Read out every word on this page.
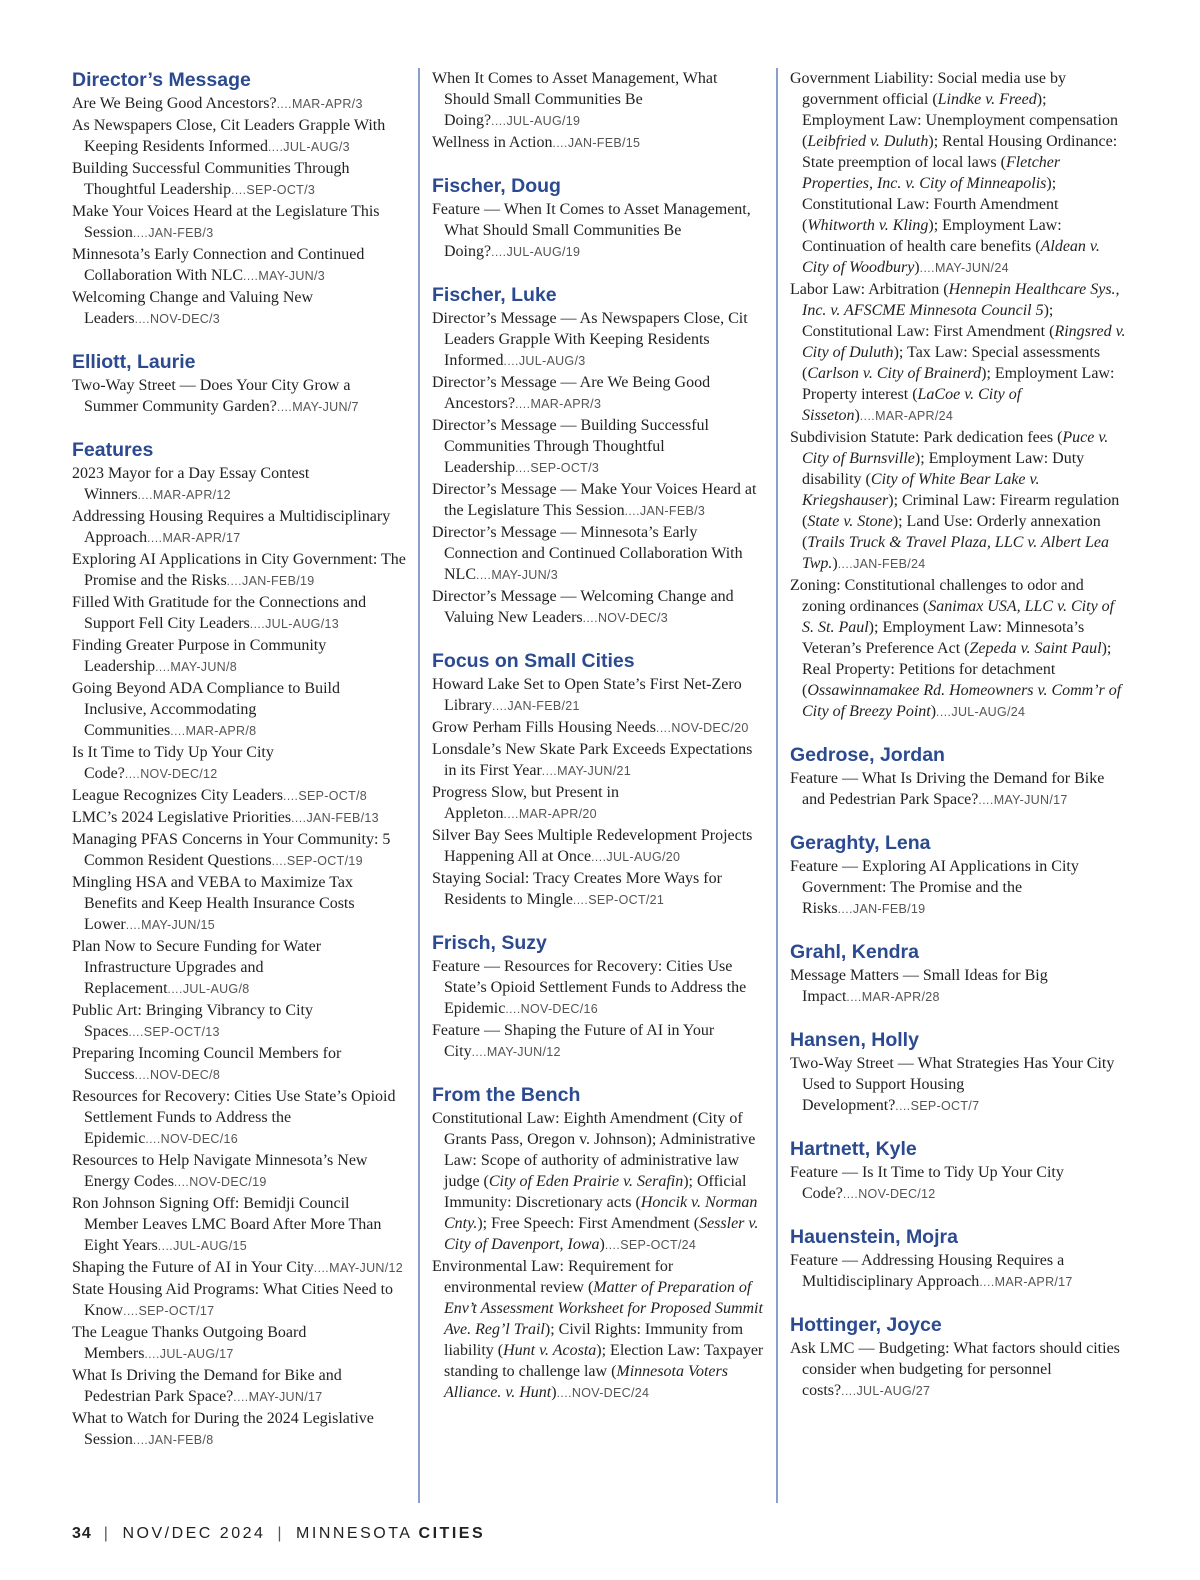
Director’s Message

Are We Being Good Ancestors?....MAR-APR/3

As Newspapers Close, Cit Leaders Grapple With Keeping Residents Informed....JUL-AUG/3

Building Successful Communities Through Thoughtful Leadership....SEP-OCT/3

Make Your Voices Heard at the Legislature This Session....JAN-FEB/3

Minnesota’s Early Connection and Continued Collaboration With NLC....MAY-JUN/3

Welcoming Change and Valuing New Leaders....NOV-DEC/3

Elliott, Laurie

Two-Way Street — Does Your City Grow a Summer Community Garden?....MAY-JUN/7

Features

2023 Mayor for a Day Essay Contest Winners....MAR-APR/12

Addressing Housing Requires a Multidisciplinary Approach....MAR-APR/17

Exploring AI Applications in City Government: The Promise and the Risks....JAN-FEB/19

Filled With Gratitude for the Connections and Support Fell City Leaders....JUL-AUG/13

Finding Greater Purpose in Community Leadership....MAY-JUN/8

Going Beyond ADA Compliance to Build Inclusive, Accommodating Communities....MAR-APR/8

Is It Time to Tidy Up Your City Code?....NOV-DEC/12

League Recognizes City Leaders....SEP-OCT/8

LMC’s 2024 Legislative Priorities....JAN-FEB/13

Managing PFAS Concerns in Your Community: 5 Common Resident Questions....SEP-OCT/19

Mingling HSA and VEBA to Maximize Tax Benefits and Keep Health Insurance Costs Lower....MAY-JUN/15

Plan Now to Secure Funding for Water Infrastructure Upgrades and Replacement....JUL-AUG/8

Public Art: Bringing Vibrancy to City Spaces....SEP-OCT/13

Preparing Incoming Council Members for Success....NOV-DEC/8

Resources for Recovery: Cities Use State’s Opioid Settlement Funds to Address the Epidemic....NOV-DEC/16

Resources to Help Navigate Minnesota’s New Energy Codes....NOV-DEC/19

Ron Johnson Signing Off: Bemidji Council Member Leaves LMC Board After More Than Eight Years....JUL-AUG/15

Shaping the Future of AI in Your City....MAY-JUN/12

State Housing Aid Programs: What Cities Need to Know....SEP-OCT/17

The League Thanks Outgoing Board Members....JUL-AUG/17

What Is Driving the Demand for Bike and Pedestrian Park Space?....MAY-JUN/17

What to Watch for During the 2024 Legislative Session....JAN-FEB/8

When It Comes to Asset Management, What Should Small Communities Be Doing?....JUL-AUG/19

Wellness in Action....JAN-FEB/15

Fischer, Doug

Feature — When It Comes to Asset Management, What Should Small Communities Be Doing?....JUL-AUG/19

Fischer, Luke

Director’s Message — As Newspapers Close, Cit Leaders Grapple With Keeping Residents Informed....JUL-AUG/3

Director’s Message — Are We Being Good Ancestors?....MAR-APR/3

Director’s Message — Building Successful Communities Through Thoughtful Leadership....SEP-OCT/3

Director’s Message — Make Your Voices Heard at the Legislature This Session....JAN-FEB/3

Director’s Message — Minnesota’s Early Connection and Continued Collaboration With NLC....MAY-JUN/3

Director’s Message — Welcoming Change and Valuing New Leaders....NOV-DEC/3

Focus on Small Cities

Howard Lake Set to Open State’s First Net-Zero Library....JAN-FEB/21

Grow Perham Fills Housing Needs....NOV-DEC/20

Lonsdale’s New Skate Park Exceeds Expectations in its First Year....MAY-JUN/21

Progress Slow, but Present in Appleton....MAR-APR/20

Silver Bay Sees Multiple Redevelopment Projects Happening All at Once....JUL-AUG/20

Staying Social: Tracy Creates More Ways for Residents to Mingle....SEP-OCT/21

Frisch, Suzy

Feature — Resources for Recovery: Cities Use State’s Opioid Settlement Funds to Address the Epidemic....NOV-DEC/16

Feature — Shaping the Future of AI in Your City....MAY-JUN/12

From the Bench

Constitutional Law: Eighth Amendment (City of Grants Pass, Oregon v. Johnson); Administrative Law: Scope of authority of administrative law judge (City of Eden Prairie v. Serafin); Official Immunity: Discretionary acts (Honcik v. Norman Cnty.); Free Speech: First Amendment (Sessler v. City of Davenport, Iowa)....SEP-OCT/24

Environmental Law: Requirement for environmental review (Matter of Preparation of Env’t Assessment Worksheet for Proposed Summit Ave. Reg’l Trail); Civil Rights: Immunity from liability (Hunt v. Acosta); Election Law: Taxpayer standing to challenge law (Minnesota Voters Alliance. v. Hunt)....NOV-DEC/24

Government Liability: Social media use by government official (Lindke v. Freed); Employment Law: Unemployment compensation (Leibfried v. Duluth); Rental Housing Ordinance: State preemption of local laws (Fletcher Properties, Inc. v. City of Minneapolis); Constitutional Law: Fourth Amendment (Whitworth v. Kling); Employment Law: Continuation of health care benefits (Aldean v. City of Woodbury)....MAY-JUN/24

Labor Law: Arbitration (Hennepin Healthcare Sys., Inc. v. AFSCME Minnesota Council 5); Constitutional Law: First Amendment (Ringsred v. City of Duluth); Tax Law: Special assessments (Carlson v. City of Brainerd); Employment Law: Property interest (LaCoe v. City of Sisseton)....MAR-APR/24

Subdivision Statute: Park dedication fees (Puce v. City of Burnsville); Employment Law: Duty disability (City of White Bear Lake v. Kriegshauser); Criminal Law: Firearm regulation (State v. Stone); Land Use: Orderly annexation (Trails Truck & Travel Plaza, LLC v. Albert Lea Twp.)....JAN-FEB/24

Zoning: Constitutional challenges to odor and zoning ordinances (Sanimax USA, LLC v. City of S. St. Paul); Employment Law: Minnesota’s Veteran’s Preference Act (Zepeda v. Saint Paul); Real Property: Petitions for detachment (Ossawinnamakee Rd. Homeowners v. Comm’r of City of Breezy Point)....JUL-AUG/24

Gedrose, Jordan

Feature — What Is Driving the Demand for Bike and Pedestrian Park Space?....MAY-JUN/17

Geraghty, Lena

Feature — Exploring AI Applications in City Government: The Promise and the Risks....JAN-FEB/19

Grahl, Kendra

Message Matters — Small Ideas for Big Impact....MAR-APR/28

Hansen, Holly

Two-Way Street — What Strategies Has Your City Used to Support Housing Development?....SEP-OCT/7

Hartnett, Kyle

Feature — Is It Time to Tidy Up Your City Code?....NOV-DEC/12

Hauenstein, Mojra

Feature — Addressing Housing Requires a Multidisciplinary Approach....MAR-APR/17

Hottinger, Joyce

Ask LMC — Budgeting: What factors should cities consider when budgeting for personnel costs?....JUL-AUG/27

34 | NOV/DEC 2024 | MINNESOTA CITIES
